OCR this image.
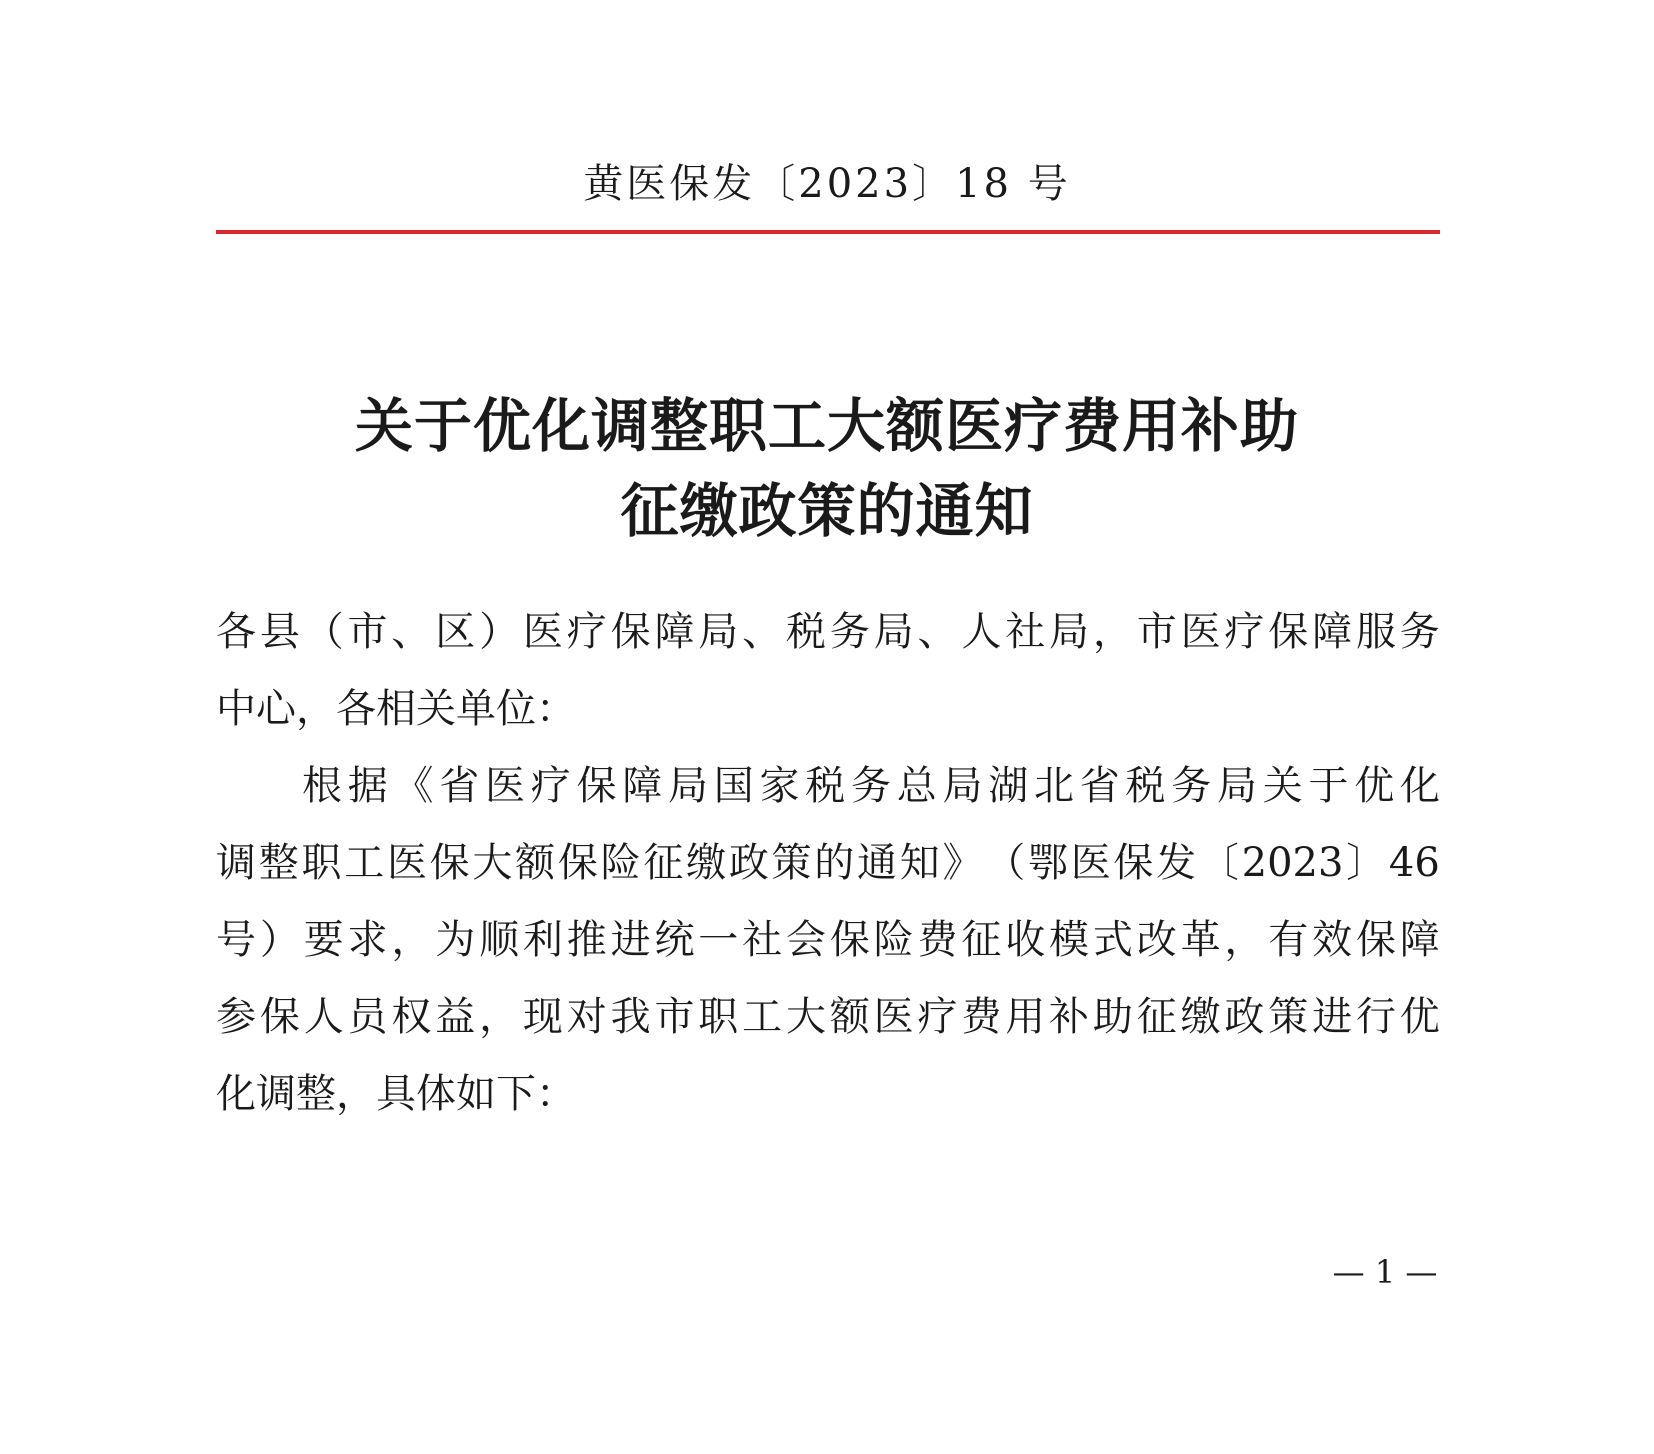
黄医保发〔2023〕18 号
关于优化调整职工大额医疗费用补助
征缴政策的通知
各 县 （ 市 、 区 ） 医 疗 保 障 局 、 税 务 局 、 人 社 局 ， 市 医 疗 保 障 服 务
中心，各相关单位：
根 据 《 省 医 疗 保 障 局 国 家 税 务 总 局 湖 北 省 税 务 局 关 于 优 化
调 整 职 工 医 保 大 额 保 险 征 缴 政 策 的 通 知 》 （ 鄂 医 保 发 〔 2023 〕 46
号 ） 要 求 ， 为 顺 利 推 进 统 一 社 会 保 险 费 征 收 模 式 改 革 ， 有 效 保 障
参 保 人 员 权 益 ， 现 对 我 市 职 工 大 额 医 疗 费 用 补 助 征 缴 政 策 进 行 优
化调整，具体如下：
— 1 —
